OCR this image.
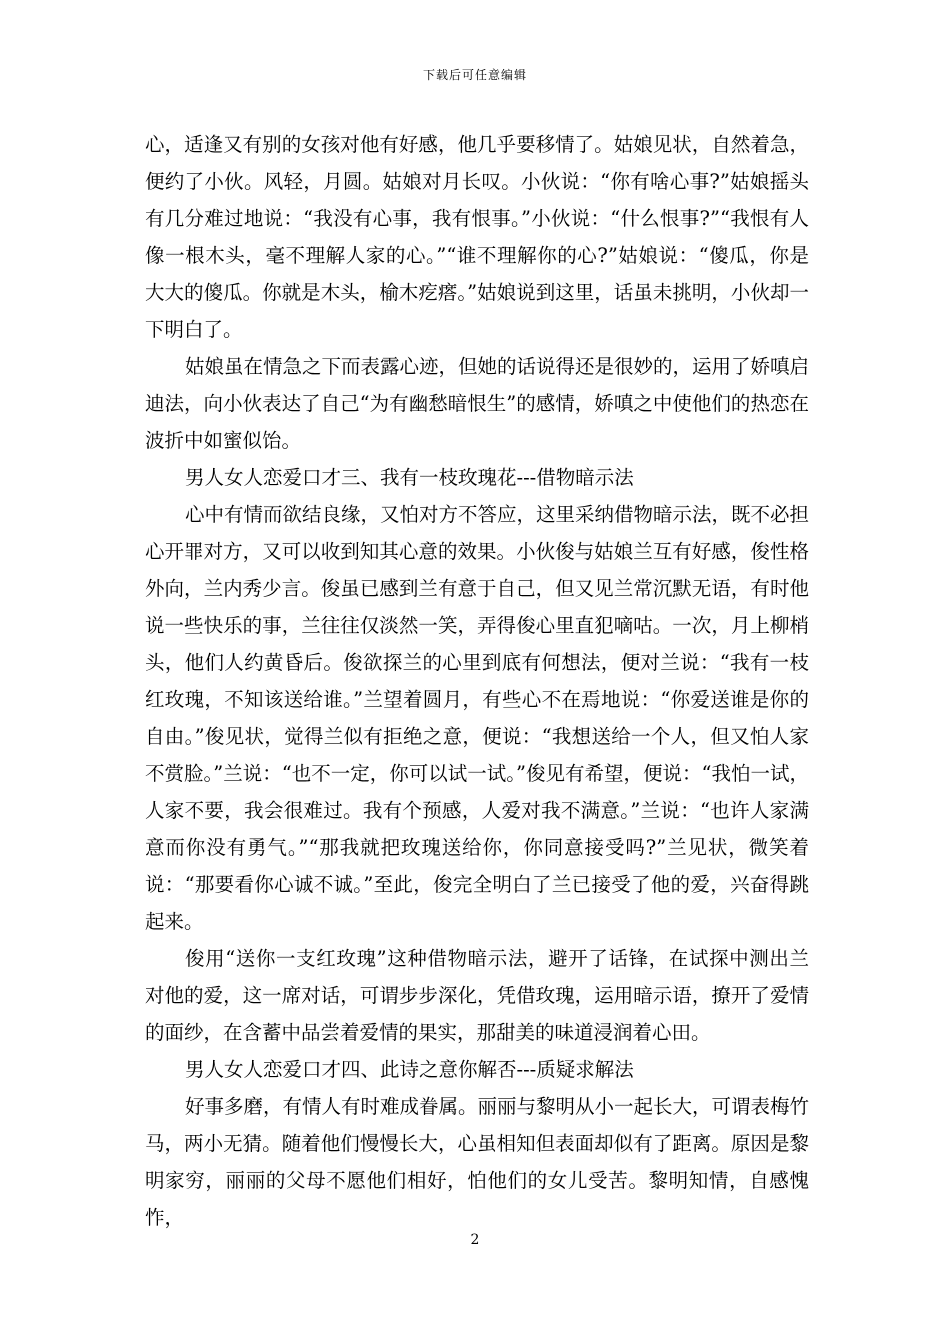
下载后可任意编辑

心，适逢又有别的女孩对他有好感，他几乎要移情了。姑娘见状，自然着急，便约了小伙。风轻，月圆。姑娘对月长叹。小伙说：“你有啥心事?”姑娘摇头有几分难过地说：“我没有心事，我有恨事。”小伙说：“什么恨事?”“我恨有人像一根木头，毫不理解人家的心。”“谁不理解你的心?”姑娘说：“傻瓜，你是大大的傻瓜。你就是木头，榆木疙瘩。”姑娘说到这里，话虽未挑明，小伙却一下明白了。

姑娘虽在情急之下而表露心迹，但她的话说得还是很妙的，运用了娇嗔启迪法，向小伙表达了自己“为有幽愁暗恨生”的感情，娇嗔之中使他们的热恋在波折中如蜜似饴。

男人女人恋爱口才三、我有一枝玫瑰花---借物暗示法

心中有情而欲结良缘，又怕对方不答应，这里采纳借物暗示法，既不必担心开罪对方，又可以收到知其心意的效果。小伙俊与姑娘兰互有好感，俊性格外向，兰内秀少言。俊虽已感到兰有意于自己，但又见兰常沉默无语，有时他说一些快乐的事，兰往往仅淡然一笑，弄得俊心里直犯嘀咕。一次，月上柳梢头，他们人约黄昏后。俊欲探兰的心里到底有何想法，便对兰说：“我有一枝红玫瑰，不知该送给谁。”兰望着圆月，有些心不在焉地说：“你爱送谁是你的自由。”俊见状，觉得兰似有拒绝之意，便说：“我想送给一个人，但又怕人家不赏脸。”兰说：“也不一定，你可以试一试。”俊见有希望，便说：“我怕一试，人家不要，我会很难过。我有个预感，人爱对我不满意。”兰说：“也许人家满意而你没有勇气。”“那我就把玫瑰送给你，你同意接受吗?”兰见状，微笑着说：“那要看你心诚不诚。”至此，俊完全明白了兰已接受了他的爱，兴奋得跳起来。

俊用“送你一支红玫瑰”这种借物暗示法，避开了话锋，在试探中测出兰对他的爱，这一席对话，可谓步步深化，凭借玫瑰，运用暗示语，撩开了爱情的面纱，在含蓄中品尝着爱情的果实，那甜美的味道浸润着心田。

男人女人恋爱口才四、此诗之意你解否---质疑求解法

好事多磨，有情人有时难成眷属。丽丽与黎明从小一起长大，可谓表梅竹马，两小无猜。随着他们慢慢长大，心虽相知但表面却似有了距离。原因是黎明家穷，丽丽的父母不愿他们相好，怕他们的女儿受苦。黎明知情，自感愧怍，

2
